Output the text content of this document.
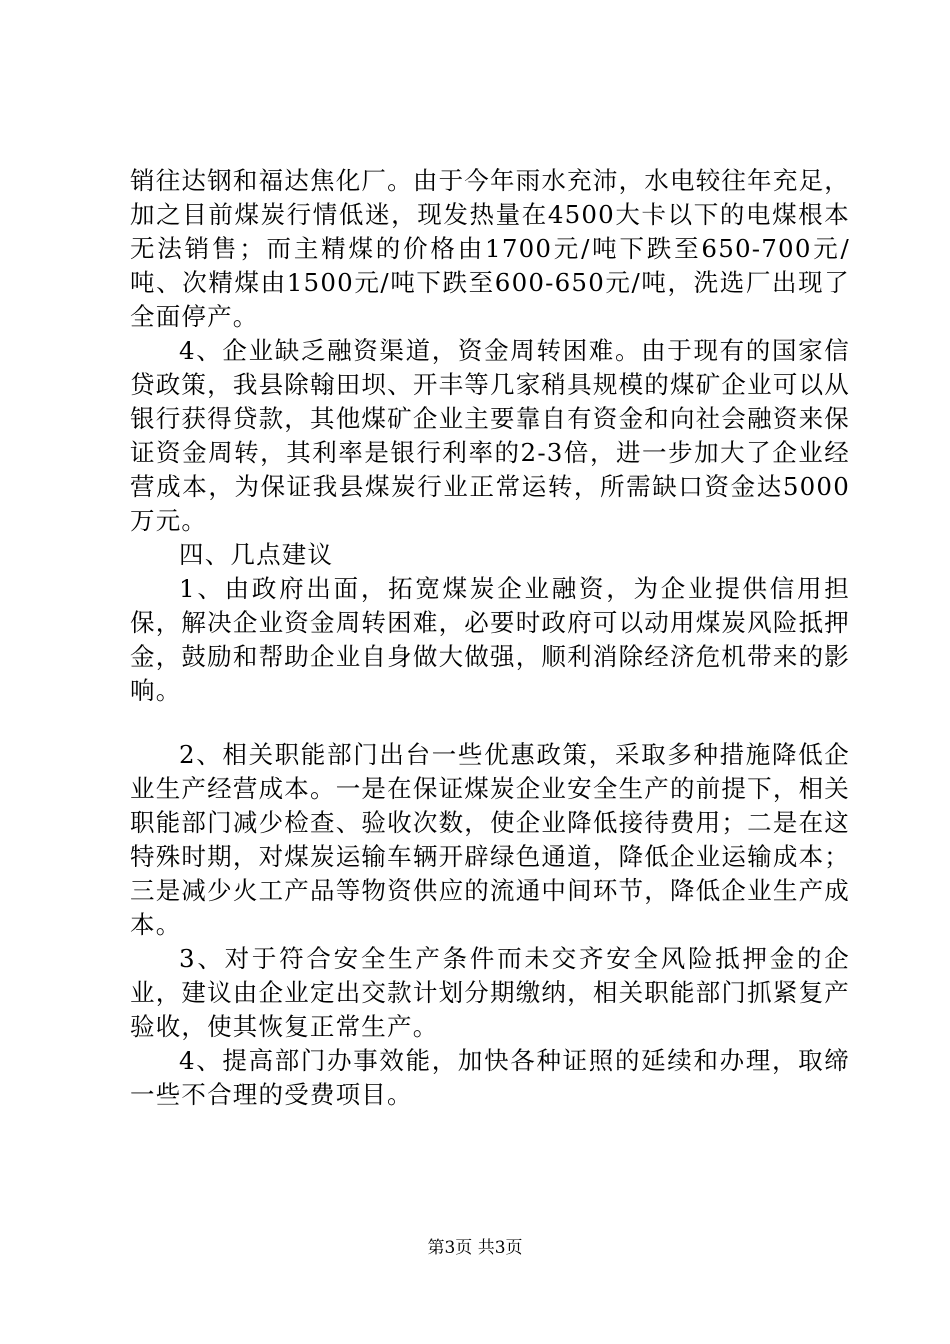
销往达钢和福达焦化厂。由于今年雨水充沛，水电较往年充足，加之目前煤炭行情低迷，现发热量在4500大卡以下的电煤根本无法销售；而主精煤的价格由1700元/吨下跌至650-700元/吨、次精煤由1500元/吨下跌至600-650元/吨，洗选厂出现了全面停产。

4、企业缺乏融资渠道，资金周转困难。由于现有的国家信贷政策，我县除翰田坝、开丰等几家稍具规模的煤矿企业可以从银行获得贷款，其他煤矿企业主要靠自有资金和向社会融资来保证资金周转，其利率是银行利率的2-3倍，进一步加大了企业经营成本，为保证我县煤炭行业正常运转，所需缺口资金达5000万元。

四、几点建议

1、由政府出面，拓宽煤炭企业融资，为企业提供信用担保，解决企业资金周转困难，必要时政府可以动用煤炭风险抵押金，鼓励和帮助企业自身做大做强，顺利消除经济危机带来的影响。

2、相关职能部门出台一些优惠政策，采取多种措施降低企业生产经营成本。一是在保证煤炭企业安全生产的前提下，相关职能部门减少检查、验收次数，使企业降低接待费用；二是在这特殊时期，对煤炭运输车辆开辟绿色通道，降低企业运输成本；三是减少火工产品等物资供应的流通中间环节，降低企业生产成本。

3、对于符合安全生产条件而未交齐安全风险抵押金的企业，建议由企业定出交款计划分期缴纳，相关职能部门抓紧复产验收，使其恢复正常生产。

4、提高部门办事效能，加快各种证照的延续和办理，取缔一些不合理的受费项目。

第3页 共3页
